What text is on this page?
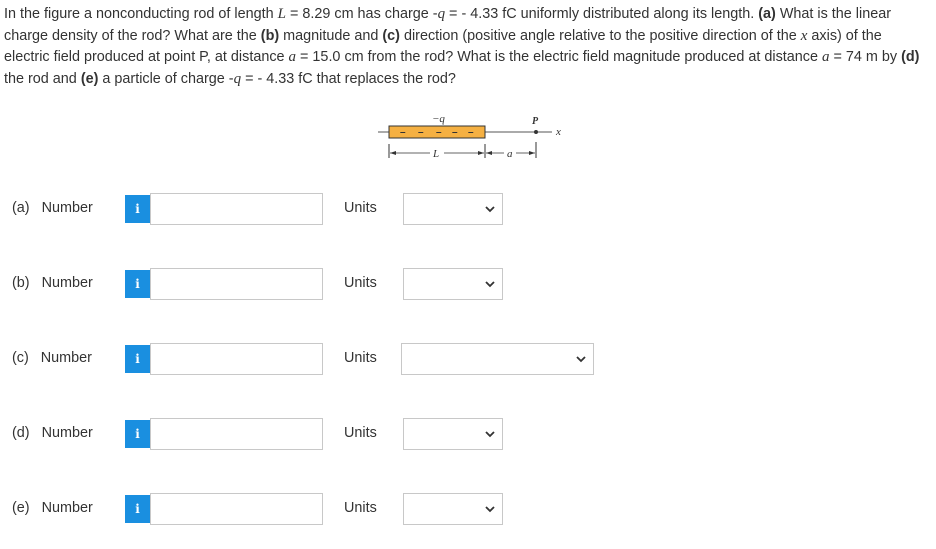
In the figure a nonconducting rod of length L = 8.29 cm has charge -q = - 4.33 fC uniformly distributed along its length. (a) What is the linear charge density of the rod? What are the (b) magnitude and (c) direction (positive angle relative to the positive direction of the x axis) of the electric field produced at point P, at distance a = 15.0 cm from the rod? What is the electric field magnitude produced at distance a = 74 m by (d) the rod and (e) a particle of charge -q = - 4.33 fC that replaces the rod?
– – – – –
−q	P
x
L	a
(a) Number	i	Units
(b) Number	i	Units
(c) Number	i	Units
(d) Number	i	Units
(e) Number	i	Units
